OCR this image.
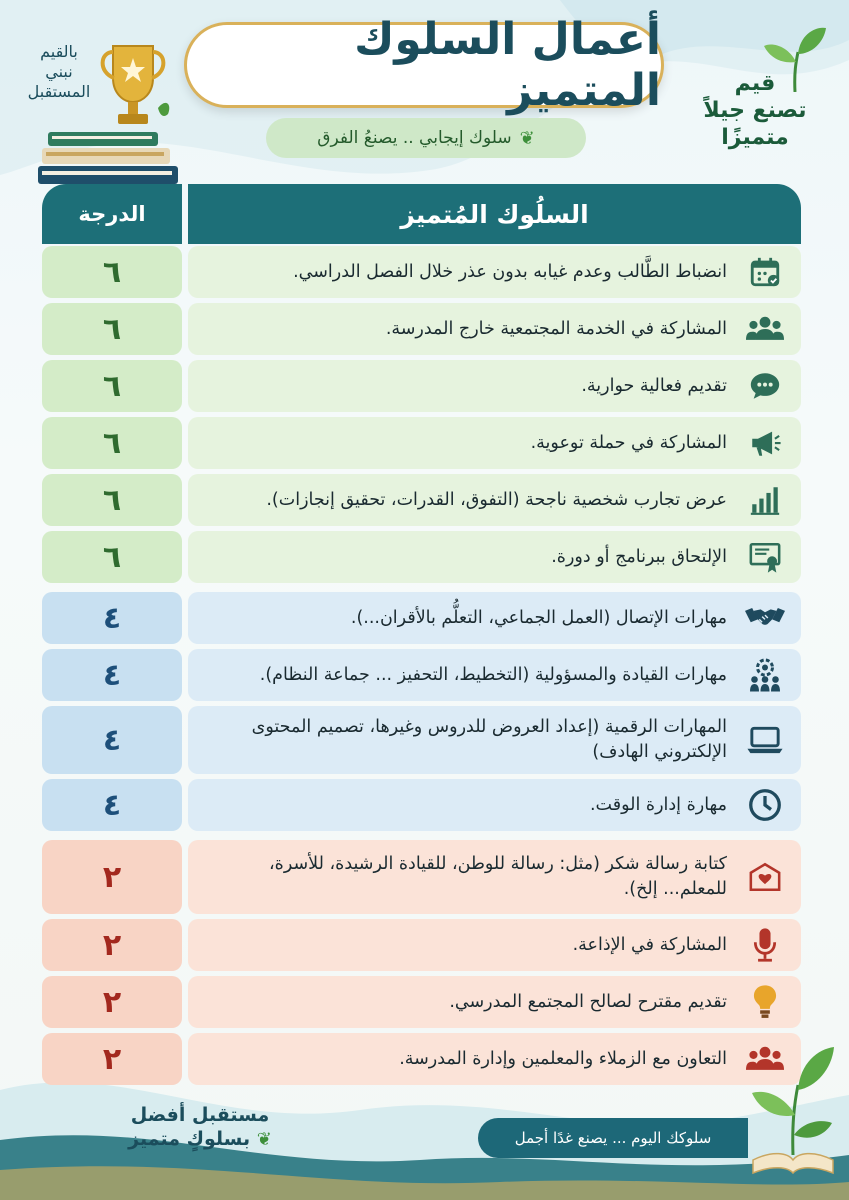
بالقيم
نبني
المستقبل
أعمال السلوك المتميز
❦
سلوك إيجابي .. يصنعُ الفرق
قيم
تصنع جيلاً
متميزًا
السلُوك المُتميز
الدرجة
انضباط الطَّالب وعدم غيابه بدون عذر خلال الفصل الدراسي.
٦
المشاركة في الخدمة المجتمعية خارج المدرسة.
٦
تقديم فعالية حوارية.
٦
المشاركة في حملة توعوية.
٦
عرض تجارب شخصية ناجحة (التفوق، القدرات، تحقيق إنجازات).
٦
الإلتحاق ببرنامج أو دورة.
٦
مهارات الإتصال (العمل الجماعي، التعلُّم بالأقران...).
٤
مهارات القيادة والمسؤولية (التخطيط، التحفيز ... جماعة النظام).
٤
المهارات الرقمية (إعداد العروض للدروس وغيرها، تصميم المحتوى الإلكتروني الهادف)
٤
مهارة إدارة الوقت.
٤
كتابة رسالة شكر (مثل: رسالة للوطن، للقيادة الرشيدة، للأسرة، للمعلم... إلخ).
٢
المشاركة في الإذاعة.
٢
تقديم مقترح لصالح المجتمع المدرسي.
٢
التعاون مع الزملاء والمعلمين وإدارة المدرسة.
٢
مستقبل أفضل
❦ بسلوكٍ متميز	سلوكك اليوم ... يصنع غدًا أجمل
